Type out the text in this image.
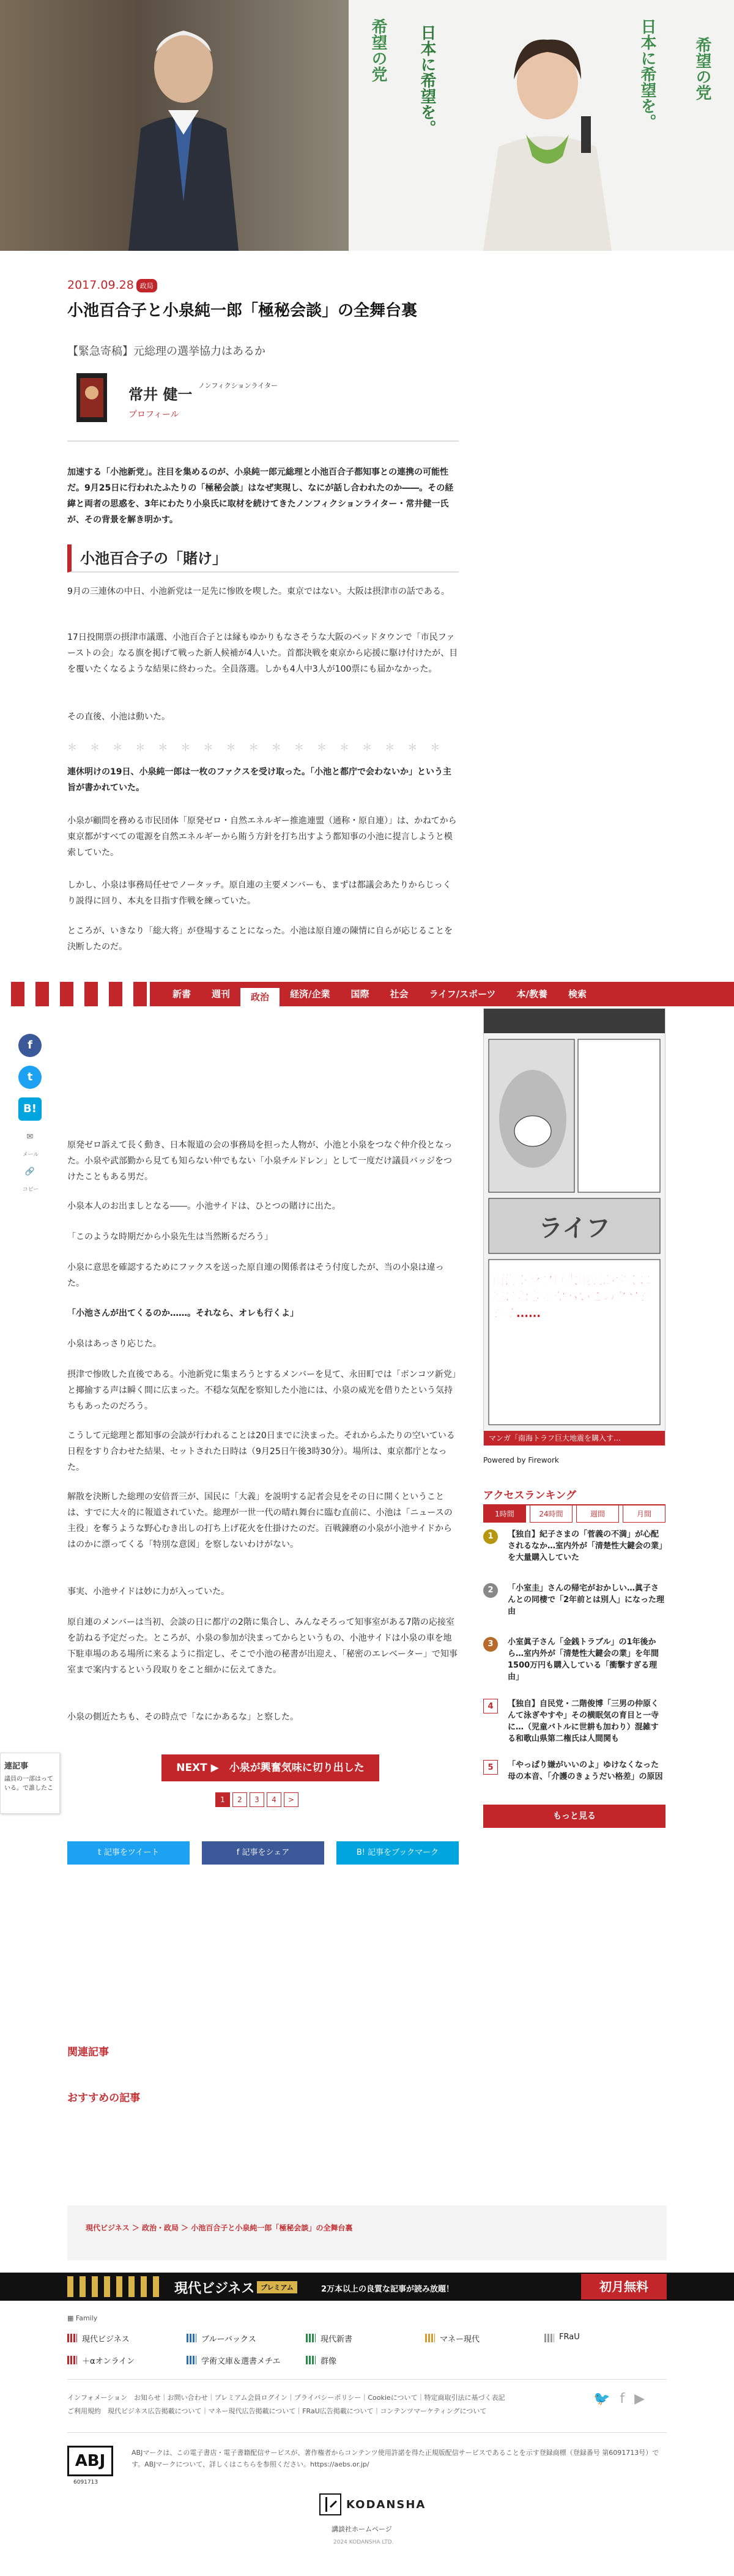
希望の党 日本に希望を。	日本に希望を。 希望の党
2017.09.28 政局
小池百合子と小泉純一郎「極秘会談」の全舞台裏
【緊急寄稿】元総理の選挙協力はあるか
常井 健一
ノンフィクションライター
プロフィール
加速する「小池新党」。注目を集めるのが、小泉純一郎元総理と小池百合子都知事との連携の可能性だ。9月25日に行われたふたりの「極秘会談」はなぜ実現し、なにが話し合われたのか――。その経緯と両者の思惑を、3年にわたり小泉氏に取材を続けてきたノンフィクションライター・常井健一氏が、その背景を解き明かす。
小池百合子の「賭け」
9月の三連休の中日、小池新党は一足先に惨敗を喫した。東京ではない。大阪は摂津市の話である。
17日投開票の摂津市議選、小池百合子とは縁もゆかりもなさそうな大阪のベッドタウンで「市民ファーストの会」なる旗を掲げて戦った新人候補が4人いた。首都決戦を東京から応援に駆け付けたが、目を覆いたくなるような結果に終わった。全員落選。しかも4人中3人が100票にも届かなかった。
その直後、小池は動いた。
＊ ＊ ＊ ＊ ＊ ＊ ＊ ＊ ＊ ＊ ＊ ＊ ＊ ＊ ＊ ＊ ＊
連休明けの19日、小泉純一郎は一枚のファクスを受け取った。「小池と都庁で会わないか」という主旨が書かれていた。
小泉が顧問を務める市民団体「原発ゼロ・自然エネルギー推進連盟（通称・原自連）」は、かねてから東京都がすべての電源を自然エネルギーから賄う方針を打ち出すよう都知事の小池に提言しようと模索していた。
しかし、小泉は事務局任せでノータッチ。原自連の主要メンバーも、まずは都議会あたりからじっくり説得に回り、本丸を目指す作戦を練っていた。
ところが、いきなり「総大将」が登場することになった。小池は原自連の陳情に自らが応じることを決断したのだ。
新書	週刊	政治	経済/企業	国際	社会	ライフ/スポーツ	本/教養	検索
f
t
B!
✉
メール
🔗
コピー
ライフ
南海トラフ巨大地震がすぐに逃げなきゃヤバいこのクソジジイ……
マンガ「南海トラフ巨大地震を購入す…
Powered by Firework
アクセスランキング
1時間	24時間	週間	月間
1	【独自】紀子さまの「菅義の不満」が心配されるなか…室内外が「清楚性大鍵会の業」を大量購入していた
2	「小室圭」さんの帰宅がおかしい…眞子さんとの同棲で「2年前とは別人」になった理由
3	小室眞子さん「金銭トラブル」の1年後から…室内外が「清楚性大鍵会の業」を年間1500万円も購入している「衝撃すぎる理由」
4	【独自】自民党・二階俊博「三男の仲原くんて泳ぎやすや」その横眠気の育目と一寺に…（児童バトルに世耕も加わり）混雑する和歌山県第二権氏は人間関も
5	「やっぱり嫌がいいのよ」ゆけなくなった母の本音、「介護のきょうだい格差」の原因
もっと見る
原発ゼロ訴えて長く動き、日本報道の会の事務局を担った人物が、小池と小泉をつなぐ仲介役となった。小泉や武部勤から見ても知らない仲でもない「小泉チルドレン」として一度だけ議員バッジをつけたこともある男だ。
小泉本人のお出ましとなる――。小池サイドは、ひとつの賭けに出た。
「このような時期だから小泉先生は当然断るだろう」
小泉に意思を確認するためにファクスを送った原自連の関係者はそう付度したが、当の小泉は違った。
「小池さんが出てくるのか……。それなら、オレも行くよ」
小泉はあっさり応じた。
摂津で惨敗した直後である。小池新党に集まろうとするメンバーを見て、永田町では「ボンコツ新党」と揶揄する声は瞬く間に広まった。不穏な気配を察知した小池には、小泉の威光を借りたという気持ちもあったのだろう。
こうして元総理と都知事の会談が行われることは20日までに決まった。それからふたりの空いている日程をすり合わせた結果、セットされた日時は（9月25日午後3時30分）。場所は、東京都庁となった。
解散を決断した総理の安倍晋三が、国民に「大義」を説明する記者会見をその日に開くということは、すでに大々的に報道されていた。総理が一世一代の晴れ舞台に臨む直前に、小池は「ニュースの主役」を奪うような野心むき出しの打ち上げ花火を仕掛けたのだ。百戦錬磨の小泉が小池サイドからはのかに漂ってくる「特別な意図」を察しないわけがない。
事実、小池サイドは妙に力が入っていた。
原自連のメンバーは当初、会談の日に都庁の2階に集合し、みんなそろって知事室がある7階の応接室を訪ねる予定だった。ところが、小泉の参加が決まってからというもの、小池サイドは小泉の車を地下駐車場のある場所に来るように指定し、そこで小池の秘書が出迎え、「秘密のエレベーター」で知事室まで案内するという段取りをこと細かに伝えてきた。
小泉の側近たちも、その時点で「なにかあるな」と察した。
連記事
議員の一部はっている。で誰したこ
NEXT ▶　 小泉が興奮気味に切り出した
1	2	3	4	>
𝕥 記事をツイート	f 記事をシェア	B! 記事をブックマーク
関連記事
おすすめの記事
現代ビジネス ＞ 政治・政局 ＞ 小池百合子と小泉純一郎「極秘会談」の全舞台裏
現代ビジネス プレミアム	2万本以上の良質な記事が読み放題！	初月無料
▦ Family
現代ビジネス	ブルーバックス	現代新書	マネー現代	FRaU
＋αオンライン	学術文庫＆選書メチエ	群像
インフォメーション　お知らせ｜お問い合わせ｜プレミアム会員ログイン｜プライバシーポリシー｜Cookieについて｜特定商取引法に基づく表記
ご利用規約　現代ビジネス広告掲載について｜マネー現代広告掲載について｜FRaU広告掲載について｜コンテンツマーケティングについて
🐦 f ▶
ABJ
6091713
ABJマークは、この電子書店・電子書籍配信サービスが、著作権者からコンテンツ使用許諾を得た正規版配信サービスであることを示す登録商標（登録番号 第6091713号）です。ABJマークについて、詳しくはこちらを参照ください。https://aebs.or.jp/
KODANSHA
講談社ホームページ
2024 KODANSHA LTD.
